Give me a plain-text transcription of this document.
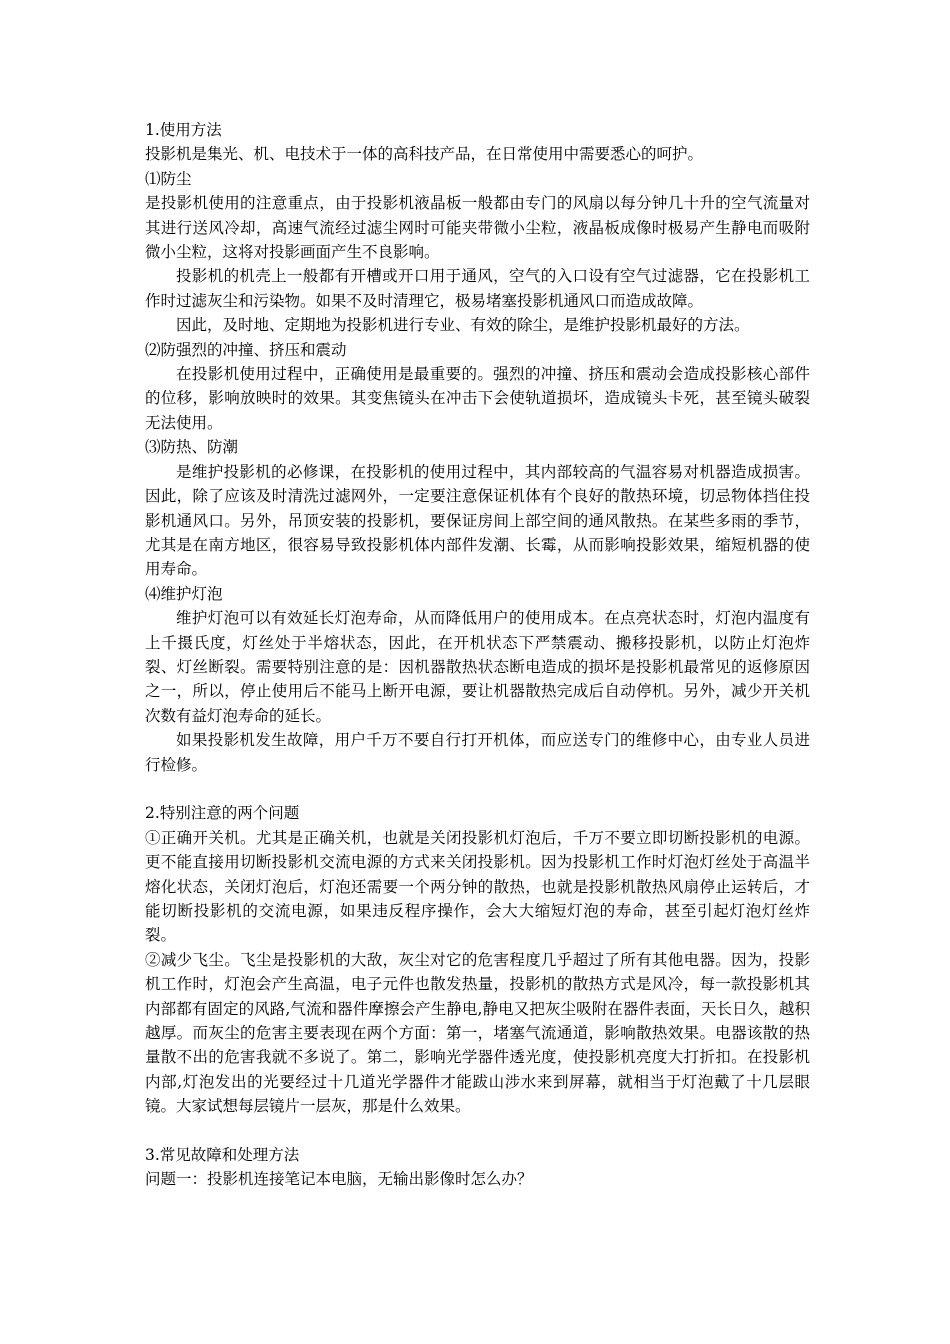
1.使用方法
投影机是集光、机、电技术于一体的高科技产品，在日常使用中需要悉心的呵护。
⑴防尘
是投影机使用的注意重点，由于投影机液晶板一般都由专门的风扇以每分钟几十升的空气流量对其进行送风冷却，高速气流经过滤尘网时可能夹带微小尘粒，液晶板成像时极易产生静电而吸附微小尘粒，这将对投影画面产生不良影响。
投影机的机壳上一般都有开槽或开口用于通风，空气的入口设有空气过滤器，它在投影机工作时过滤灰尘和污染物。如果不及时清理它，极易堵塞投影机通风口而造成故障。
因此，及时地、定期地为投影机进行专业、有效的除尘，是维护投影机最好的方法。
⑵防强烈的冲撞、挤压和震动
在投影机使用过程中，正确使用是最重要的。强烈的冲撞、挤压和震动会造成投影核心部件的位移，影响放映时的效果。其变焦镜头在冲击下会使轨道损坏，造成镜头卡死，甚至镜头破裂无法使用。
⑶防热、防潮
是维护投影机的必修课，在投影机的使用过程中，其内部较高的气温容易对机器造成损害。因此，除了应该及时清洗过滤网外，一定要注意保证机体有个良好的散热环境，切忌物体挡住投影机通风口。另外，吊顶安装的投影机，要保证房间上部空间的通风散热。在某些多雨的季节，尤其是在南方地区，很容易导致投影机体内部件发潮、长霉，从而影响投影效果，缩短机器的使用寿命。
⑷维护灯泡
维护灯泡可以有效延长灯泡寿命，从而降低用户的使用成本。在点亮状态时，灯泡内温度有上千摄氏度，灯丝处于半熔状态，因此，在开机状态下严禁震动、搬移投影机，以防止灯泡炸裂、灯丝断裂。需要特别注意的是：因机器散热状态断电造成的损坏是投影机最常见的返修原因之一，所以，停止使用后不能马上断开电源，要让机器散热完成后自动停机。另外，减少开关机次数有益灯泡寿命的延长。
如果投影机发生故障，用户千万不要自行打开机体，而应送专门的维修中心，由专业人员进行检修。
2.特别注意的两个问题
①正确开关机。尤其是正确关机，也就是关闭投影机灯泡后，千万不要立即切断投影机的电源。更不能直接用切断投影机交流电源的方式来关闭投影机。因为投影机工作时灯泡灯丝处于高温半熔化状态，关闭灯泡后，灯泡还需要一个两分钟的散热，也就是投影机散热风扇停止运转后，才能切断投影机的交流电源，如果违反程序操作，会大大缩短灯泡的寿命，甚至引起灯泡灯丝炸裂。
②减少飞尘。飞尘是投影机的大敌，灰尘对它的危害程度几乎超过了所有其他电器。因为，投影机工作时，灯泡会产生高温，电子元件也散发热量，投影机的散热方式是风冷，每一款投影机其内部都有固定的风路,气流和器件摩擦会产生静电,静电又把灰尘吸附在器件表面，天长日久，越积越厚。而灰尘的危害主要表现在两个方面：第一，堵塞气流通道，影响散热效果。电器该散的热量散不出的危害我就不多说了。第二，影响光学器件透光度，使投影机亮度大打折扣。在投影机内部,灯泡发出的光要经过十几道光学器件才能跋山涉水来到屏幕，就相当于灯泡戴了十几层眼镜。大家试想每层镜片一层灰，那是什么效果。
3.常见故障和处理方法
问题一：投影机连接笔记本电脑，无输出影像时怎么办？
